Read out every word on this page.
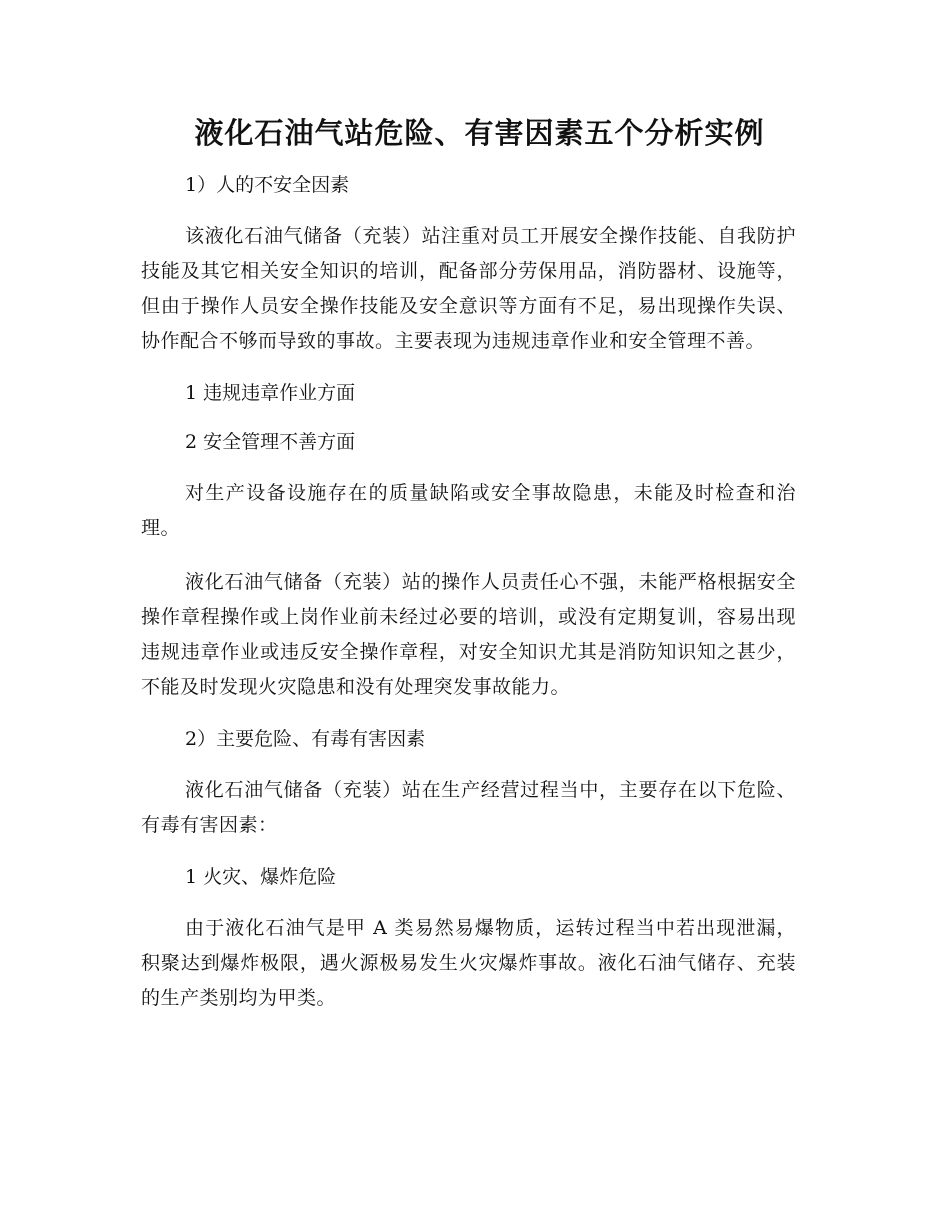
液化石油气站危险、有害因素五个分析实例

1）人的不安全因素

该液化石油气储备（充装）站注重对员工开展安全操作技能、自我防护技能及其它相关安全知识的培训，配备部分劳保用品，消防器材、设施等，但由于操作人员安全操作技能及安全意识等方面有不足，易出现操作失误、协作配合不够而导致的事故。主要表现为违规违章作业和安全管理不善。

1 违规违章作业方面

2 安全管理不善方面

对生产设备设施存在的质量缺陷或安全事故隐患，未能及时检查和治理。

液化石油气储备（充装）站的操作人员责任心不强，未能严格根据安全操作章程操作或上岗作业前未经过必要的培训，或没有定期复训，容易出现违规违章作业或违反安全操作章程，对安全知识尤其是消防知识知之甚少，不能及时发现火灾隐患和没有处理突发事故能力。

2）主要危险、有毒有害因素

液化石油气储备（充装）站在生产经营过程当中，主要存在以下危险、有毒有害因素：

1 火灾、爆炸危险

由于液化石油气是甲 A 类易然易爆物质，运转过程当中若出现泄漏，积聚达到爆炸极限，遇火源极易发生火灾爆炸事故。液化石油气储存、充装的生产类别均为甲类。
